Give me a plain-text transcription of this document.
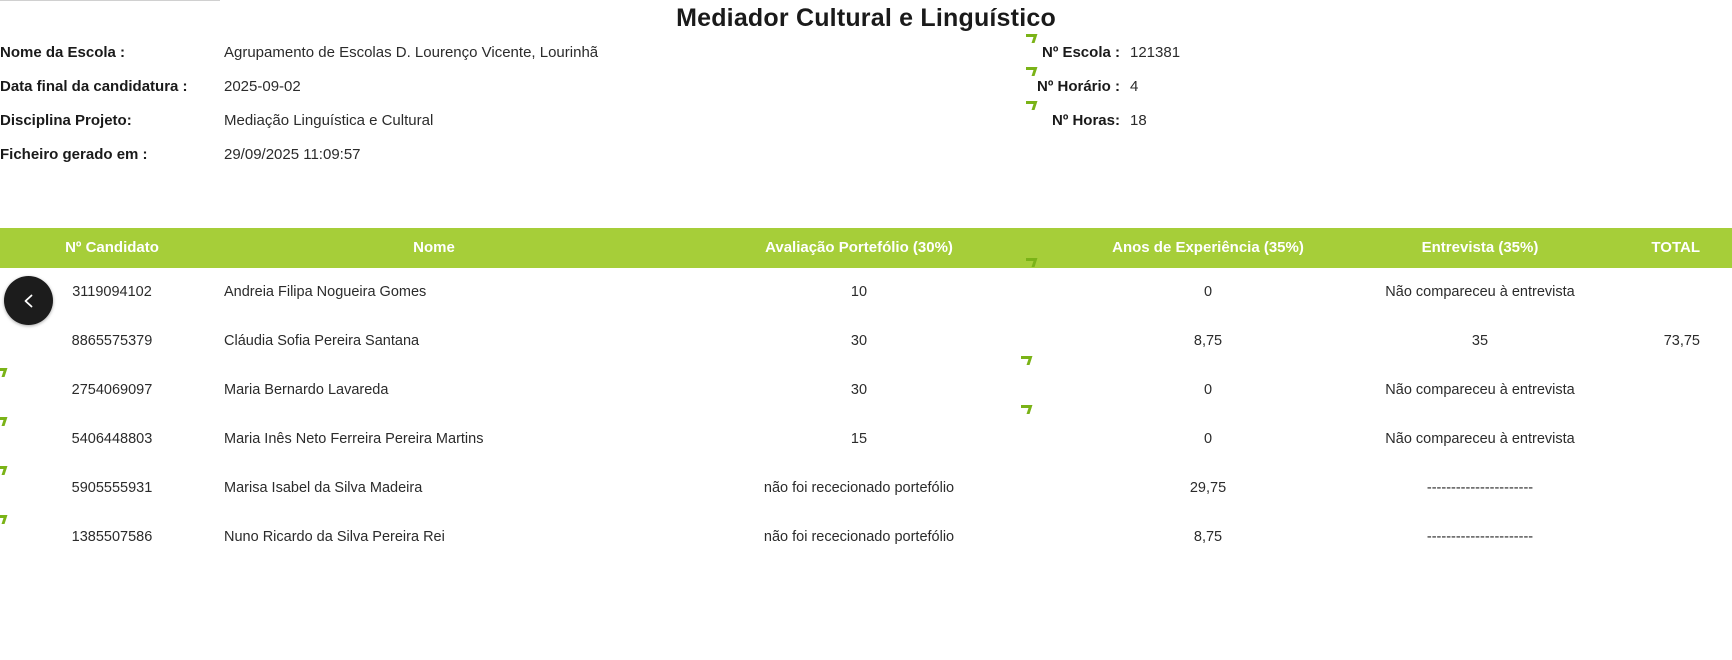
Mediador Cultural e Linguístico
Nome da Escola :	Agrupamento de Escolas D. Lourenço Vicente, Lourinhã	Nº Escola : 121381
Data final da candidatura : 2025-09-02	Nº Horário : 4
Disciplina Projeto:	Mediação Linguística e Cultural	Nº Horas: 18
Ficheiro gerado em :	29/09/2025 11:09:57
Nº Candidato	Nome	Avaliação Portefólio (30%)	Anos de Experiência (35%)	Entrevista (35%)	TOTAL
3119094102	Andreia Filipa Nogueira Gomes	10	0	Não compareceu à entrevista
8865575379	Cláudia Sofia Pereira Santana	30	8,75	35	73,75
2754069097	Maria Bernardo Lavareda	30	0	Não compareceu à entrevista
5406448803	Maria Inês Neto Ferreira Pereira Martins	15	0	Não compareceu à entrevista
5905555931	Marisa Isabel da Silva Madeira	não foi rececionado portefólio	29,75	----------------------
1385507586	Nuno Ricardo da Silva Pereira Rei	não foi rececionado portefólio	8,75	----------------------
